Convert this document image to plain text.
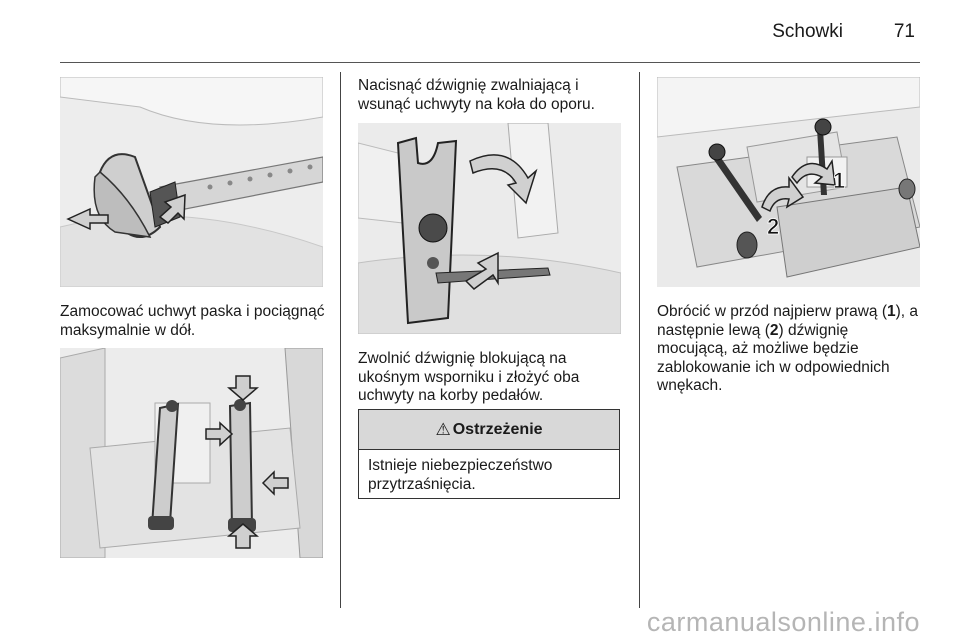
Schowki	71

Zamocować uchwyt paska i pociągnąć maksymalnie w dół.

Nacisnąć dźwignię zwalniającą i wsunąć uchwyty na koła do oporu.

Zwolnić dźwignię blokującą na ukośnym wsporniku i złożyć oba uchwyty na korby pedałów.

⚠ Ostrzeżenie
Istnieje niebezpieczeństwo przytrzaśnięcia.
1
2

Obrócić w przód najpierw prawą (1), a następnie lewą (2) dźwignię mocującą, aż możliwe będzie zablokowanie ich w odpowiednich wnękach.

carmanualsonline.info
